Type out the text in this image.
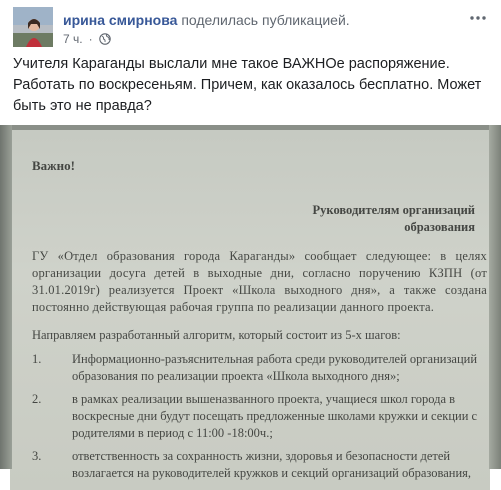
ирина смирнова поделилась публикацией.
7 ч. ·
Учителя Караганды выслали мне такое ВАЖНОе распоряжение. Работать по воскресеньям. Причем, как оказалось бесплатно. Может быть это не правда?
Важно!
Руководителям организаций образования
ГУ «Отдел образования города Караганды» сообщает следующее: в целях организации досуга детей в выходные дни, согласно поручению КЗПН (от 31.01.2019г) реализуется Проект «Школа выходного дня», а также создана постоянно действующая рабочая группа по реализации данного проекта.
Направляем разработанный алгоритм, который состоит из 5-х шагов:
1. Информационно-разъяснительная работа среди руководителей организаций образования по реализации проекта «Школа выходного дня»;
2. в рамках реализации вышеназванного проекта, учащиеся школ города в воскресные дни будут посещать предложенные школами кружки и секции с родителями в период с 11:00 -18:00ч.;
3. ответственность за сохранность жизни, здоровья и безопасности детей возлагается на руководителей кружков и секций организаций образования,
